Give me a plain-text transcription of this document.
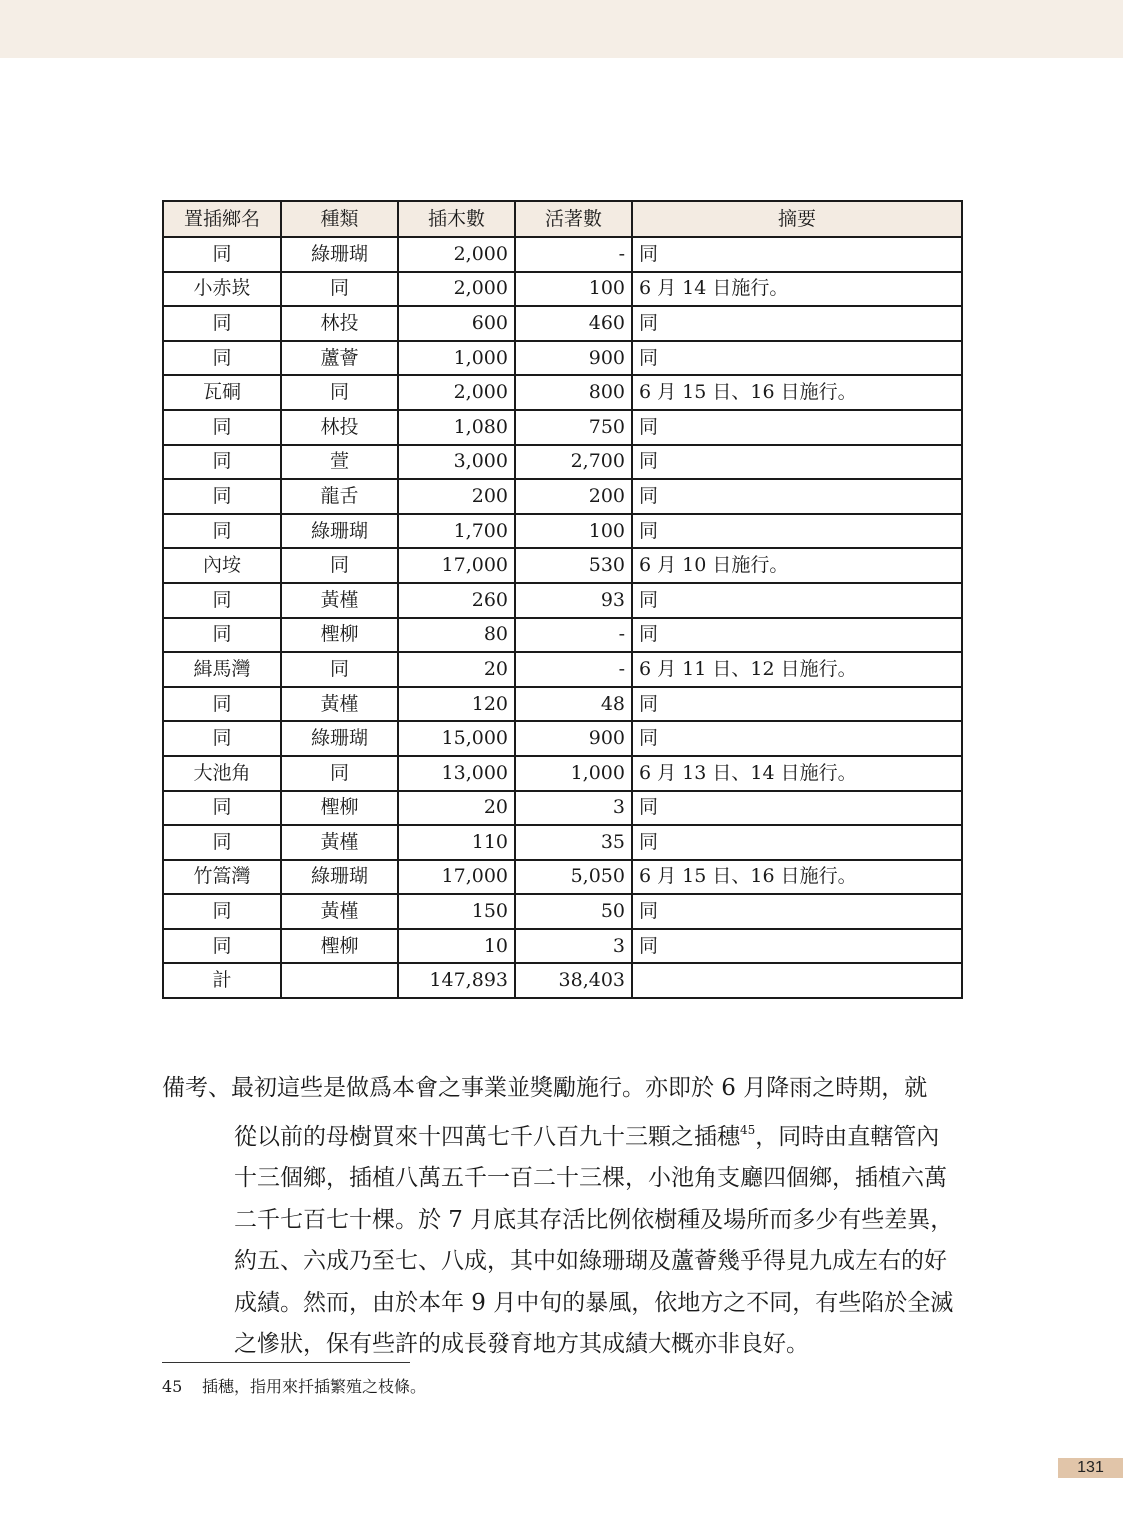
置插鄉名	種類	插木數	活著數	摘要
同	綠珊瑚	2,000	-	同
小赤崁	同	2,000	100	6 月 14 日施行。
同	林投	600	460	同
同	蘆薈	1,000	900	同
瓦硐	同	2,000	800	6 月 15 日、16 日施行。
同	林投	1,080	750	同
同	萱	3,000	2,700	同
同	龍舌	200	200	同
同	綠珊瑚	1,700	100	同
內垵	同	17,000	530	6 月 10 日施行。
同	黃槿	260	93	同
同	檉柳	80	-	同
緝馬灣	同	20	-	6 月 11 日、12 日施行。
同	黃槿	120	48	同
同	綠珊瑚	15,000	900	同
大池角	同	13,000	1,000	6 月 13 日、14 日施行。
同	檉柳	20	3	同
同	黃槿	110	35	同
竹篙灣	綠珊瑚	17,000	5,050	6 月 15 日、16 日施行。
同	黃槿	150	50	同
同	檉柳	10	3	同
計		147,893	38,403	
備考、最初這些是做爲本會之事業並獎勵施行。亦即於 6 月降雨之時期，就
從以前的母樹買來十四萬七千八百九十三顆之插穗$^{45}$，同時由直轄管內
十三個鄉，插植八萬五千一百二十三棵，小池角支廳四個鄉，插植六萬
二千七百七十棵。於 7 月底其存活比例依樹種及場所而多少有些差異，
約五、六成乃至七、八成，其中如綠珊瑚及蘆薈幾乎得見九成左右的好
成績。然而，由於本年 9 月中旬的暴風，依地方之不同，有些陷於全滅
之慘狀，保有些許的成長發育地方其成績大概亦非良好。
45 插穗，指用來扦插繁殖之枝條。
131
